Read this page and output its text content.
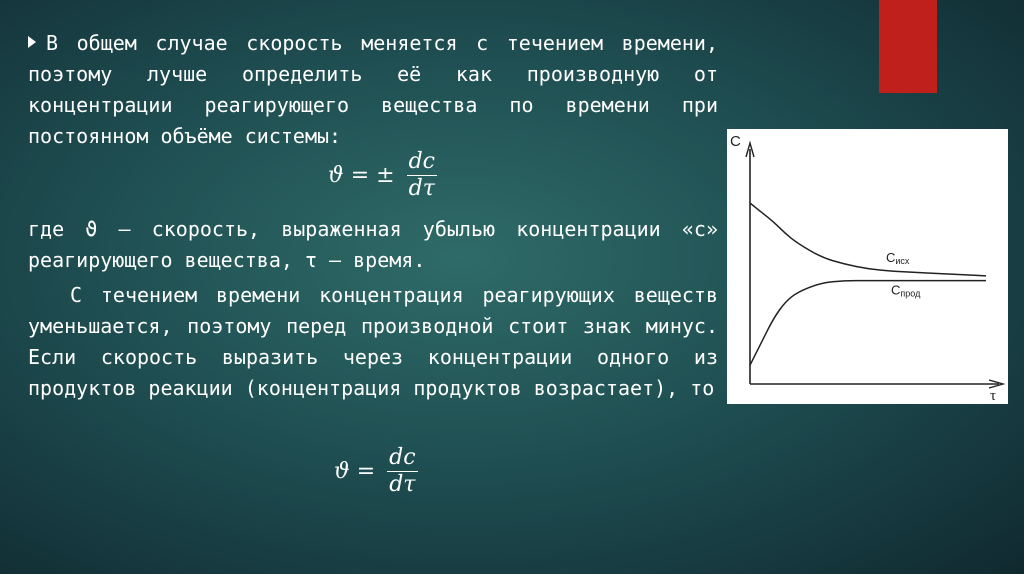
В общем случае скорость меняется с течением времени, поэтому лучше определить её как производную от концентрации реагирующего вещества по времени при постоянном объёме системы:

где ϑ – скорость, выраженная убылью концентрации «с» реагирующего вещества, τ – время.

С течением времени концентрация реагирующих веществ уменьшается, поэтому перед производной стоит знак минус. Если скорость выразить через концентрации одного из продуктов реакции (концентрация продуктов возрастает), то

ϑ = ± $\frac{dc}{d\tau}$
$ϑ = \frac{dc}{d\tau}$
С
τ
Сисх
Спрод
